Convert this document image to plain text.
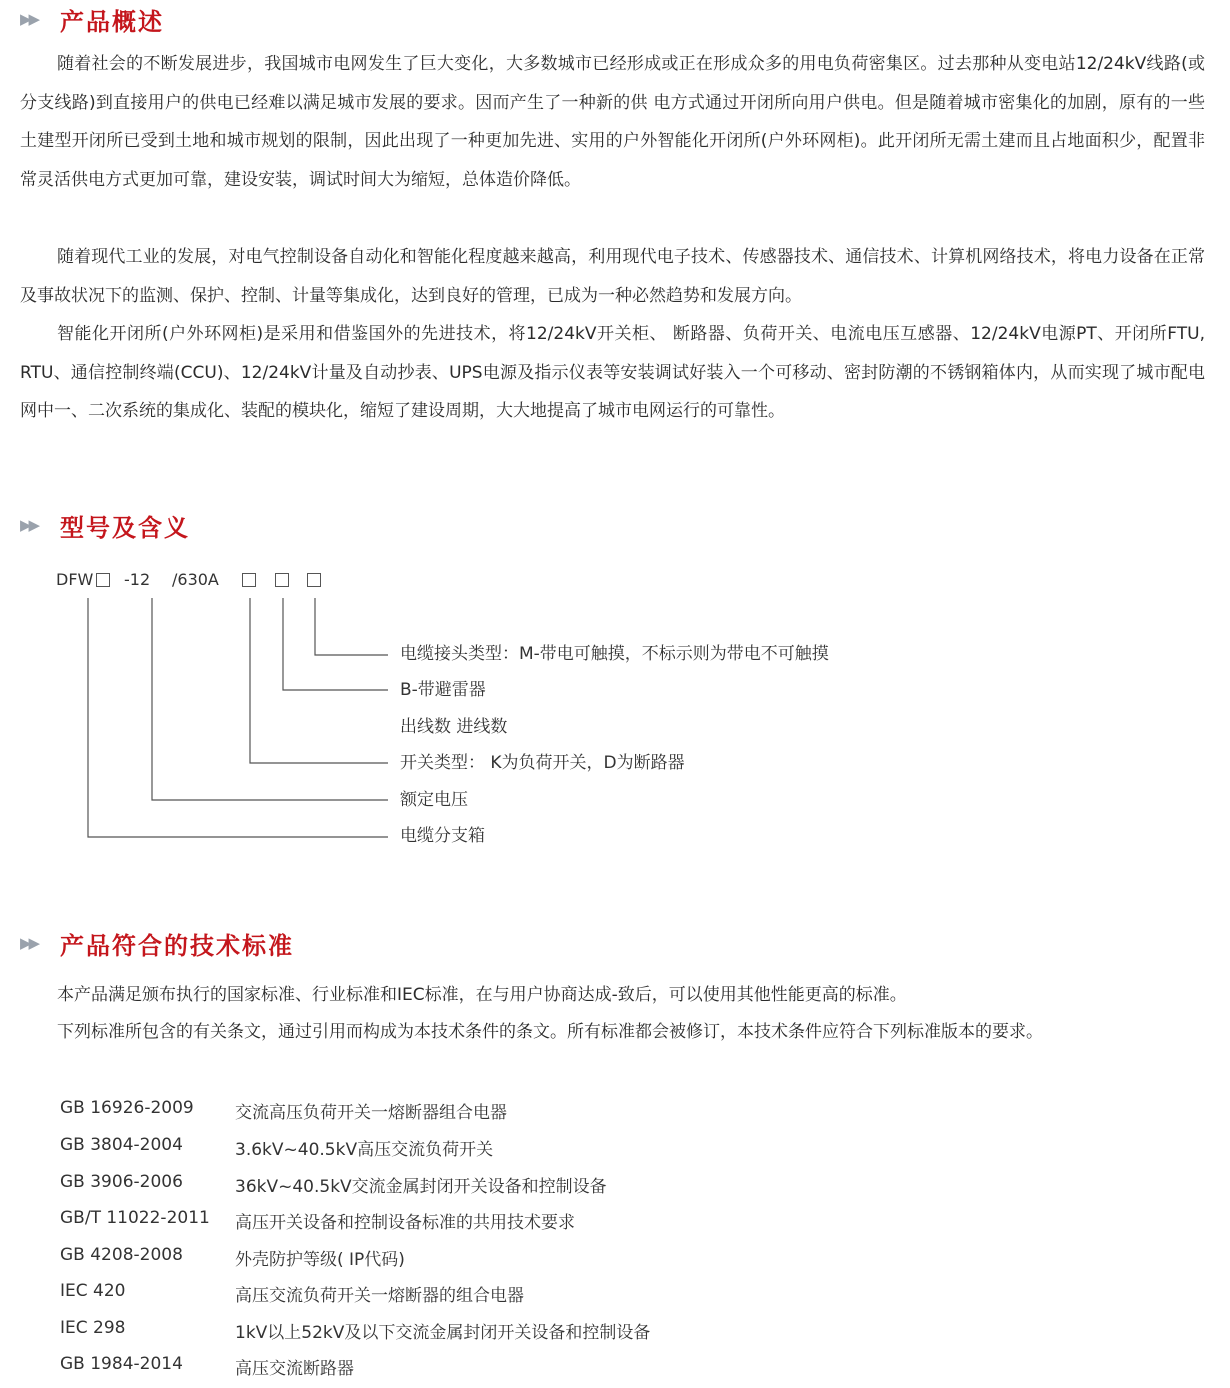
▶▶ 产品概述

随着社会的不断发展进步，我国城市电网发生了巨大变化，大多数城市已经形成或正在形成众多的用电负荷密集区。过去那种从变电站12/24kV线路(或分支线路)到直接用户的供电已经难以满足城市发展的要求。因而产生了一种新的供 电方式通过开闭所向用户供电。但是随着城市密集化的加剧，原有的一些土建型开闭所已受到土地和城市规划的限制，因此出现了一种更加先进、实用的户外智能化开闭所(户外环网柜)。此开闭所无需土建而且占地面积少，配置非常灵活供电方式更加可靠，建设安装，调试时间大为缩短，总体造价降低。

随着现代工业的发展，对电气控制设备自动化和智能化程度越来越高，利用现代电子技术、传感器技术、通信技术、计算机网络技术，将电力设备在正常及事故状况下的监测、保护、控制、计量等集成化，达到良好的管理，已成为一种必然趋势和发展方向。

智能化开闭所(户外环网柜)是采用和借鉴国外的先进技术，将12/24kV开关柜、 断路器、负荷开关、电流电压互感器、12/24kV电源PT、开闭所FTU, RTU、通信控制终端(CCU)、12/24kV计量及自动抄表、UPS电源及指示仪表等安装调试好装入一个可移动、密封防潮的不锈钢箱体内，从而实现了城市配电网中一、二次系统的集成化、装配的模块化，缩短了建设周期，大大地提高了城市电网运行的可靠性。

▶▶ 型号及含义
DFW -12 /630A
电缆接头类型：M-带电可触摸，不标示则为带电不可触摸
B-带避雷器
出线数 进线数
开关类型： K为负荷开关，D为断路器
额定电压
电缆分支箱
▶▶ 产品符合的技术标准

本产品满足颁布执行的国家标准、行业标准和IEC标准，在与用户协商达成-致后，可以使用其他性能更高的标准。

下列标准所包含的有关条文，通过引用而构成为本技术条件的条文。所有标准都会被修订，本技术条件应符合下列标准版本的要求。

GB 16926-2009 交流高压负荷开关一熔断器组合电器
GB 3804-2004	3.6kV~40.5kV高压交流负荷开关
GB 3906-2006	36kV~40.5kV交流金属封闭开关设备和控制设备
GB/T 11022-2011 高压开关设备和控制设备标准的共用技术要求
GB 4208-2008	外壳防护等级( IP代码)
IEC 420	高压交流负荷开关一熔断器的组合电器
IEC 298	1kV以上52kV及以下交流金属封闭开关设备和控制设备
GB 1984-2014	高压交流断路器
